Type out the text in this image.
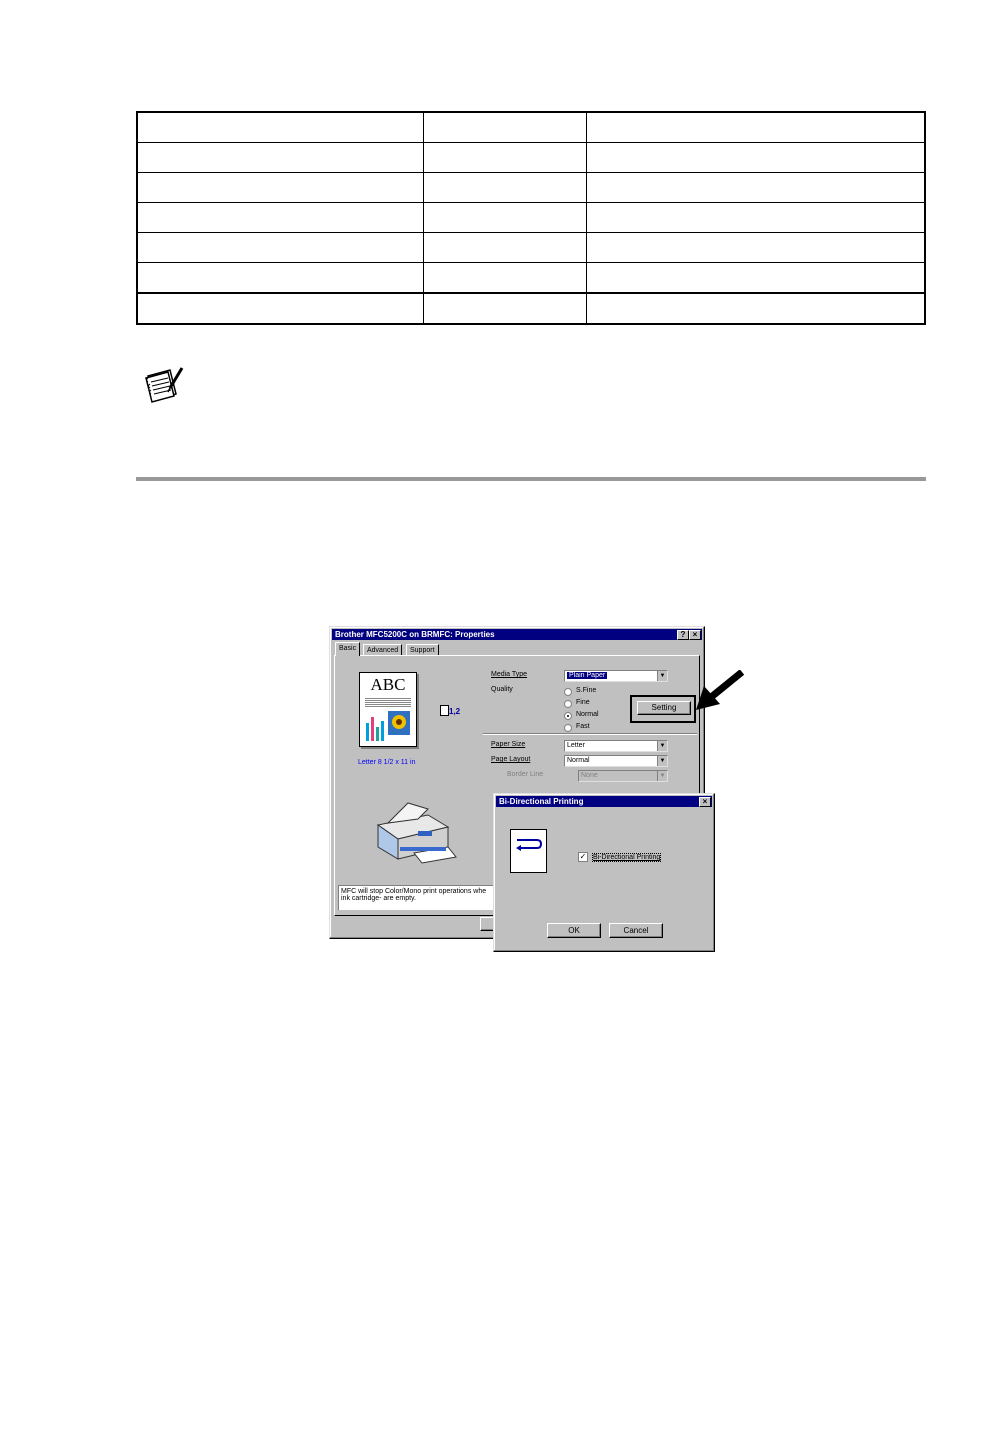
Brother MFC5200C on BRMFC: Properties	? ×
Basic	Advanced	Support
ABC
1,2
Letter 8 1/2 x 11 in
Media Type	Plain Paper	▼
Quality
Setting
Paper Size	Letter	▼
Page Layout	Normal	▼
Border Line	None	▼
MFC will stop Color/Mono print operations whe
ink cartridge- are empty.
S.Fine
Fine
Normal
Fast
Bi-Directional Printing	×
✓ Bi-Directional Printing
OK	Cancel
